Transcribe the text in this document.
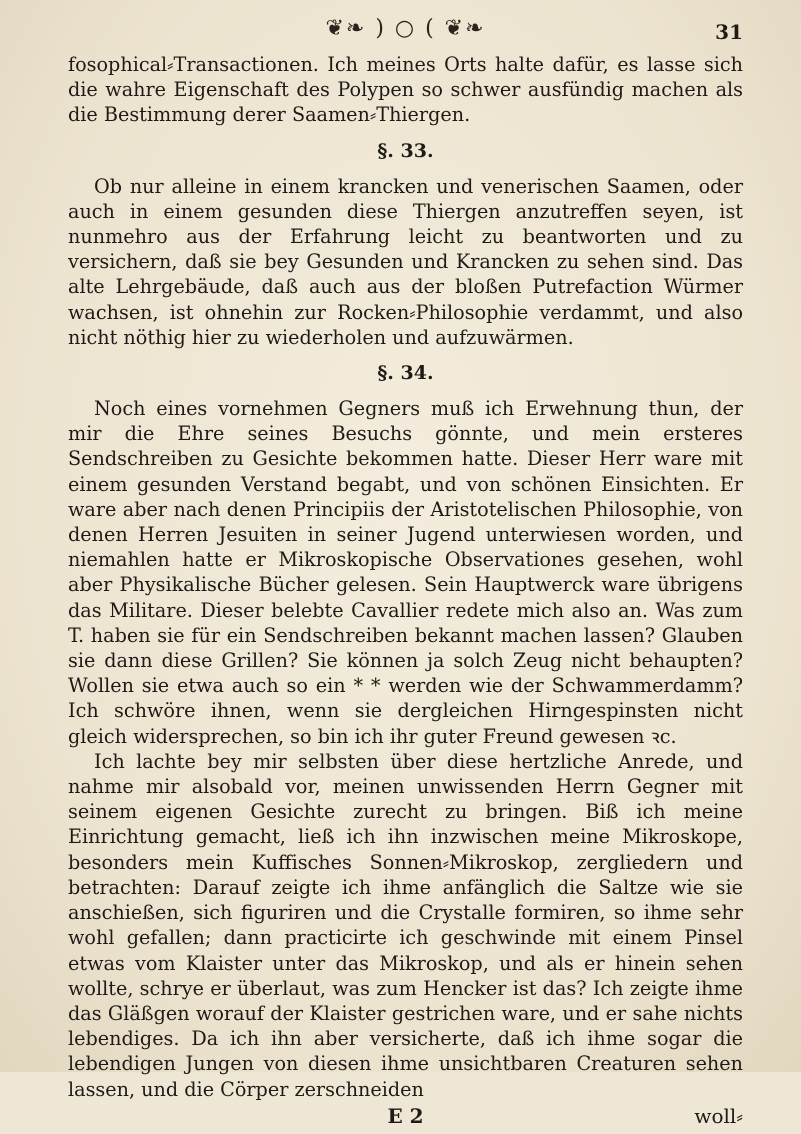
❦❧ ) ○ ( ❦❧	31

fosophical⸗Transactionen. Ich meines Orts halte dafür, es lasse sich die wahre Eigenschaft des Polypen so schwer ausfündig machen als die Bestimmung derer Saamen⸗Thiergen.

§. 33.

Ob nur alleine in einem krancken und venerischen Saamen, oder auch in einem gesunden diese Thiergen anzutreffen seyen, ist nunmehro aus der Erfahrung leicht zu beantworten und zu versichern, daß sie bey Gesunden und Krancken zu sehen sind. Das alte Lehrgebäude, daß auch aus der bloßen Putrefaction Würmer wachsen, ist ohnehin zur Rocken⸗Philosophie verdammt, und also nicht nöthig hier zu wiederholen und aufzuwärmen.

§. 34.

Noch eines vornehmen Gegners muß ich Erwehnung thun, der mir die Ehre seines Besuchs gönnte, und mein ersteres Sendschreiben zu Gesichte bekommen hatte. Dieser Herr ware mit einem gesunden Verstand begabt, und von schönen Einsichten. Er ware aber nach denen Principiis der Aristotelischen Philosophie, von denen Herren Jesuiten in seiner Jugend unterwiesen worden, und niemahlen hatte er Mikroskopische Observationes gesehen, wohl aber Physikalische Bücher gelesen. Sein Hauptwerck ware übrigens das Militare. Dieser belebte Cavallier redete mich also an. Was zum T. haben sie für ein Sendschreiben bekannt machen lassen? Glauben sie dann diese Grillen? Sie können ja solch Zeug nicht behaupten? Wollen sie etwa auch so ein * * werden wie der Schwammerdamm? Ich schwöre ihnen, wenn sie dergleichen Hirngespinsten nicht gleich widersprechen, so bin ich ihr guter Freund gewesen ꝛc.

Ich lachte bey mir selbsten über diese hertzliche Anrede, und nahme mir alsobald vor, meinen unwissenden Herrn Gegner mit seinem eigenen Gesichte zurecht zu bringen. Biß ich meine Einrichtung gemacht, ließ ich ihn inzwischen meine Mikroskope, besonders mein Kuffisches Sonnen⸗Mikroskop, zergliedern und betrachten: Darauf zeigte ich ihme anfänglich die Saltze wie sie anschießen, sich figuriren und die Crystalle formiren, so ihme sehr wohl gefallen; dann practicirte ich geschwinde mit einem Pinsel etwas vom Klaister unter das Mikroskop, und als er hinein sehen wollte, schrye er überlaut, was zum Hencker ist das? Ich zeigte ihme das Gläßgen worauf der Klaister gestrichen ware, und er sahe nichts lebendiges. Da ich ihn aber versicherte, daß ich ihme sogar die lebendigen Jungen von diesen ihme unsichtbaren Creaturen sehen lassen, und die Cörper zerschneiden

E 2	woll⸗
